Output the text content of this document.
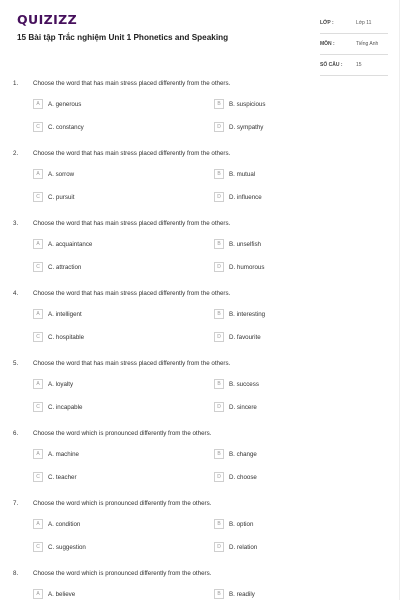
QUIZIZZ
15 Bài tập Trắc nghiệm Unit 1 Phonetics and Speaking
LỚP :	Lớp 11
MÔN :	Tiếng Anh
SỐ CÂU :	15
1. Choose the word that has main stress placed differently from the others.
A	A. generous	B	B. suspicious
C	C. constancy	D	D. sympathy
2. Choose the word that has main stress placed differently from the others.
A	A. sorrow	B	B. mutual
C	C. pursuit	D	D. influence
3. Choose the word that has main stress placed differently from the others.
A	A. acquaintance	B	B. unselfish
C	C. attraction	D	D. humorous
4. Choose the word that has main stress placed differently from the others.
A	A. intelligent	B	B. interesting
C	C. hospitable	D	D. favourite
5. Choose the word that has main stress placed differently from the others.
A	A. loyalty	B	B. success
C	C. incapable	D	D. sincere
6. Choose the word which is pronounced differently from the others.
A	A. machine	B	B. change
C	C. teacher	D	D. choose
7. Choose the word which is pronounced differently from the others.
A	A. condition	B	B. option
C	C. suggestion	D	D. relation
8. Choose the word which is pronounced differently from the others.
A	A. believe	B	B. readily
